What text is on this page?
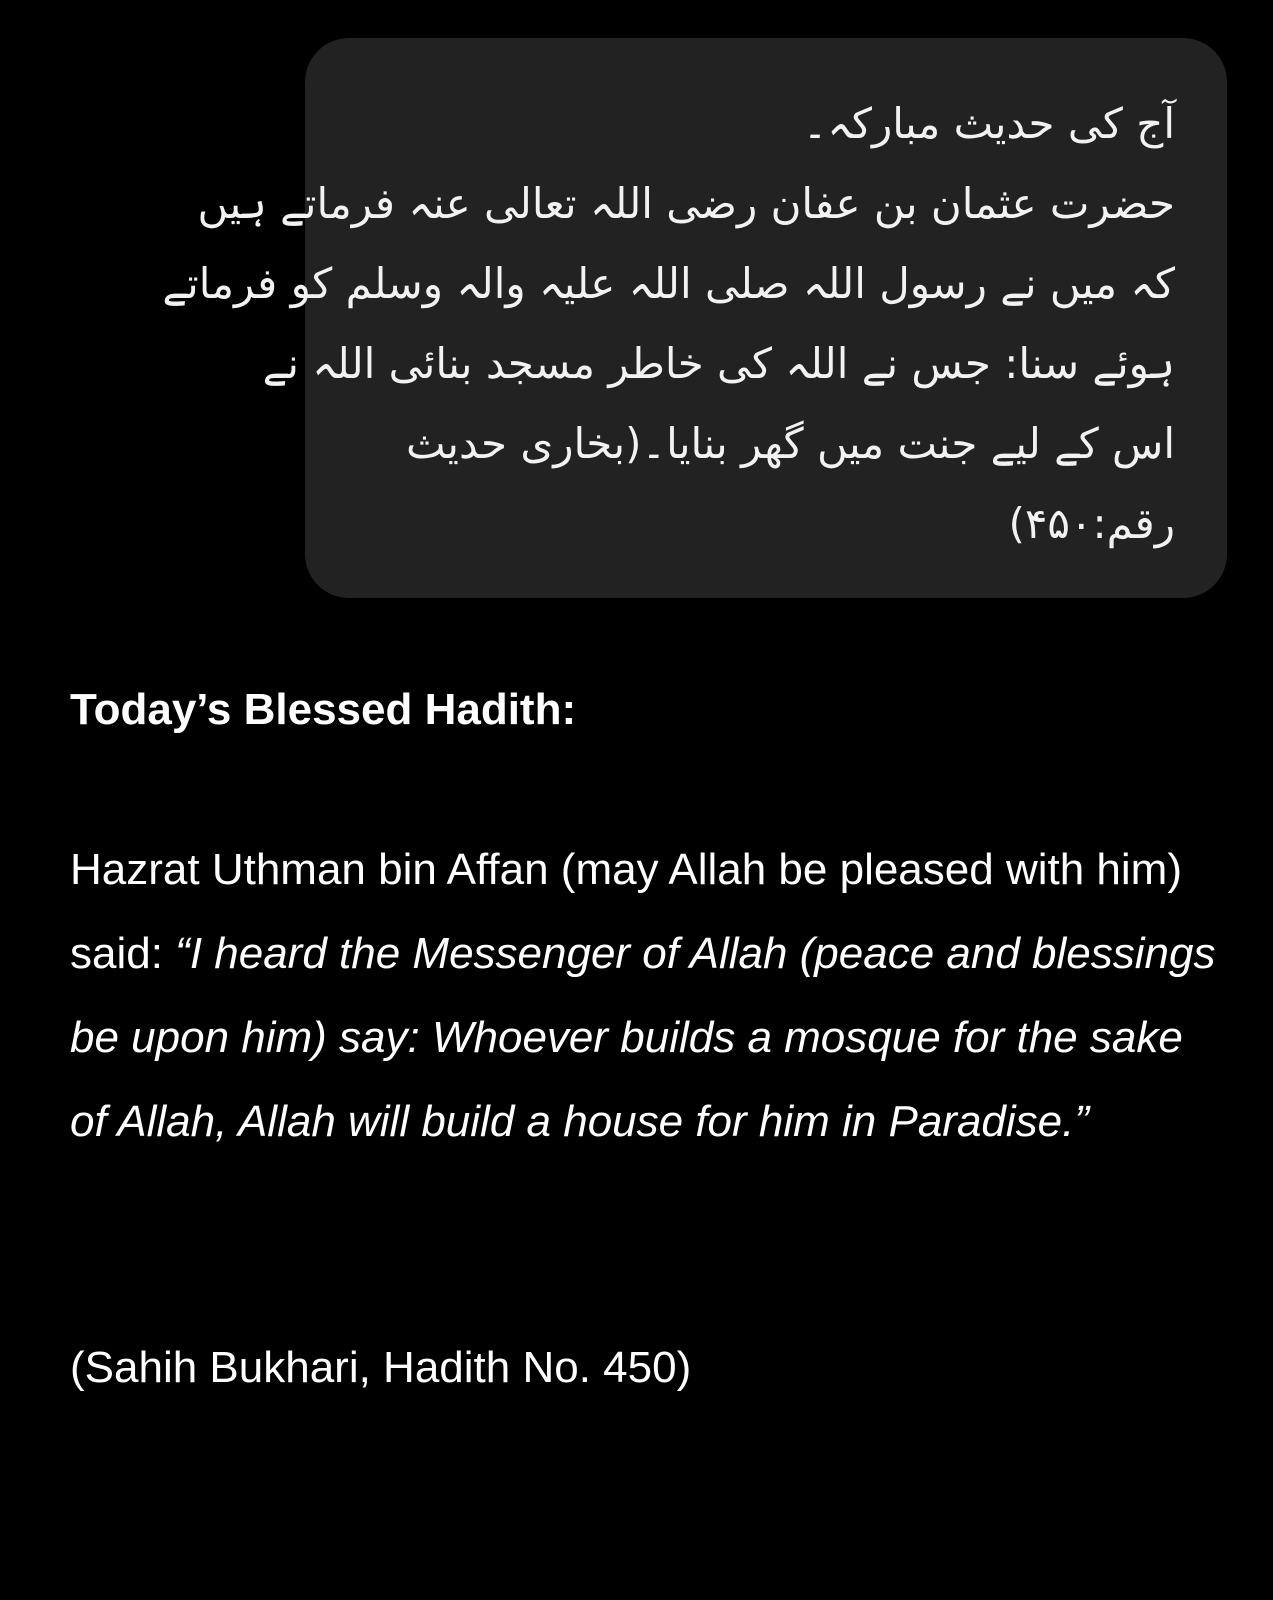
آج کی حدیث مبارکہ۔
حضرت عثمان بن عفان رضی اللہ تعالی عنہ فرماتے ہیں
کہ میں نے رسول اللہ صلی اللہ علیہ والہ وسلم کو فرماتے
ہوئے سنا: جس نے اللہ کی خاطر مسجد بنائی اللہ نے
اس کے لیے جنت میں گھر بنایا۔(بخاری حدیث
رقم:۴۵۰)

Today’s Blessed Hadith:

Hazrat Uthman bin Affan (may Allah be pleased with him) said: “I heard the Messenger of Allah (peace and blessings be upon him) say: Whoever builds a mosque for the sake of Allah, Allah will build a house for him in Paradise.”

(Sahih Bukhari, Hadith No. 450)
